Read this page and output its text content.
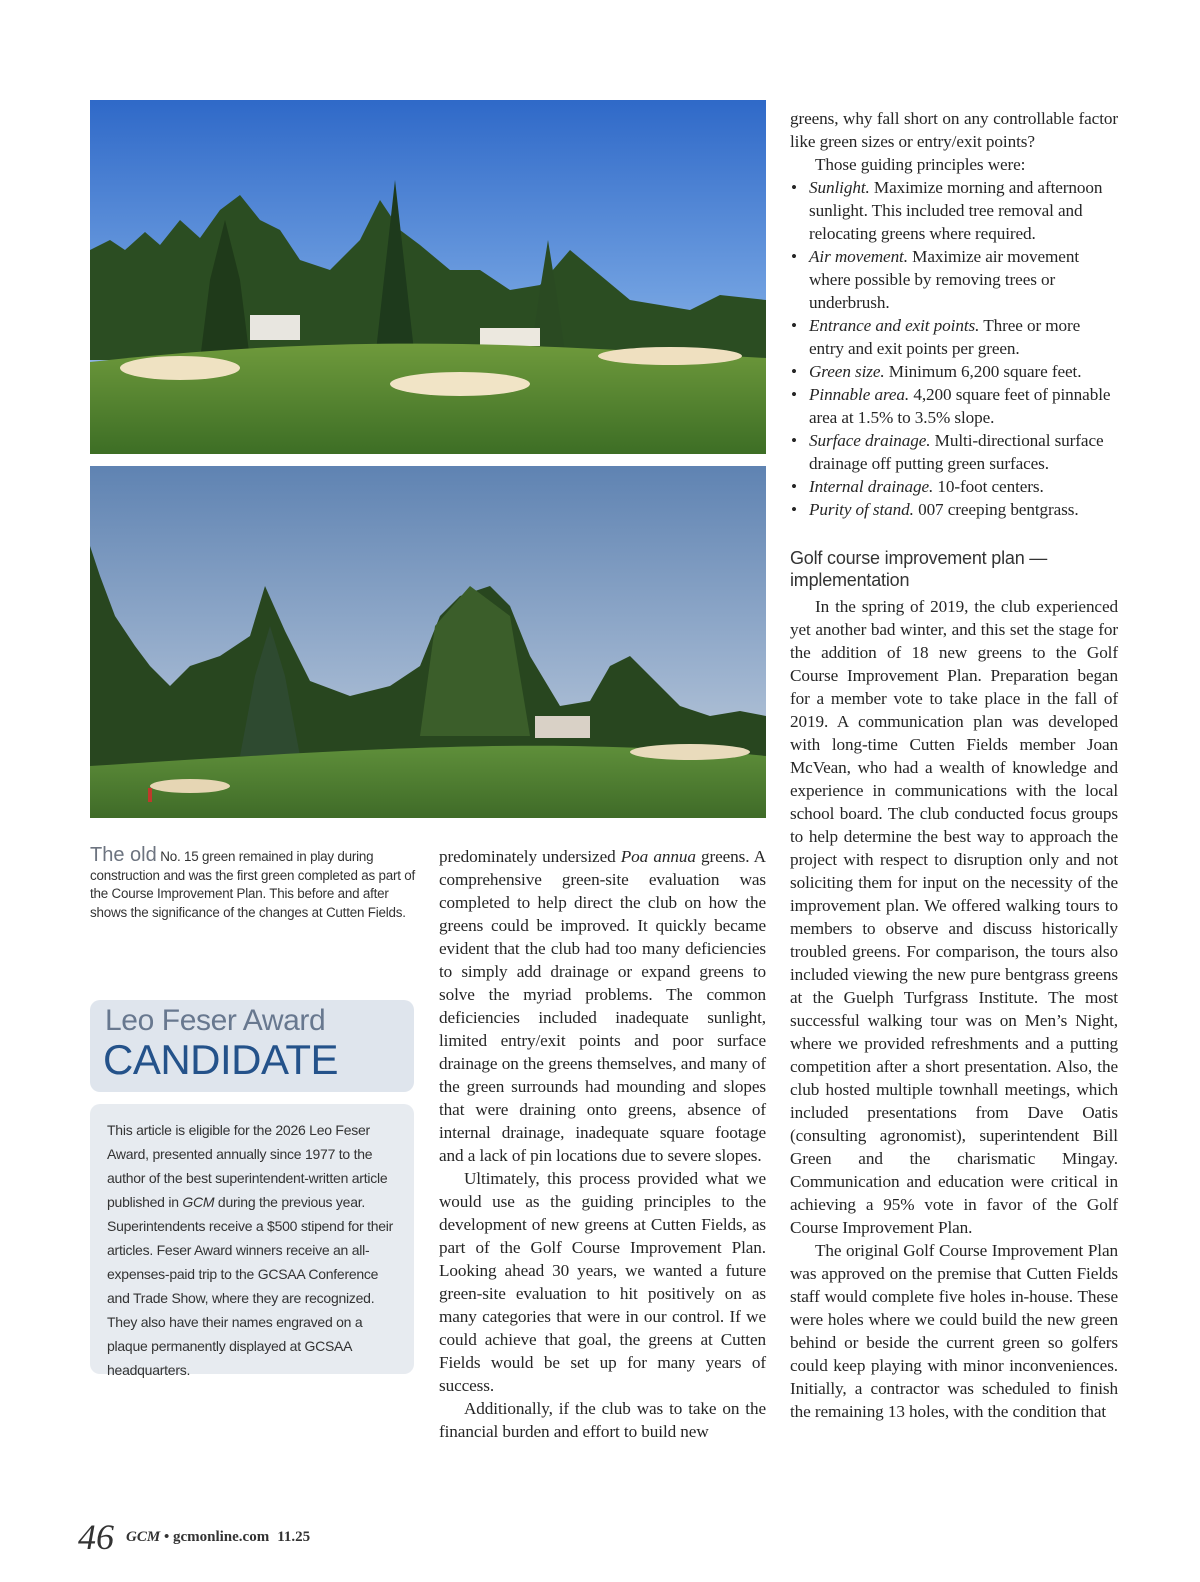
The old No. 15 green remained in play during construction and was the first green completed as part of the Course Improvement Plan. This before and after shows the significance of the changes at Cutten Fields.
Leo Feser Award
CANDIDATE
This article is eligible for the 2026 Leo Feser Award, presented annually since 1977 to the author of the best superintendent-written article published in GCM during the previous year. Superintendents receive a $500 stipend for their articles. Feser Award winners receive an all-expenses-paid trip to the GCSAA Conference and Trade Show, where they are recognized. They also have their names engraved on a plaque permanently displayed at GCSAA headquarters.

predominately undersized Poa annua greens. A comprehensive green-site evaluation was completed to help direct the club on how the greens could be improved. It quickly became evident that the club had too many deficiencies to simply add drainage or expand greens to solve the myriad problems. The common deficiencies included inadequate sunlight, limited entry/exit points and poor surface drainage on the greens themselves, and many of the green surrounds had mounding and slopes that were draining onto greens, absence of internal drainage, inadequate square footage and a lack of pin locations due to severe slopes.

Ultimately, this process provided what we would use as the guiding principles to the development of new greens at Cutten Fields, as part of the Golf Course Improvement Plan. Looking ahead 30 years, we wanted a future green-site evaluation to hit positively on as many categories that were in our control. If we could achieve that goal, the greens at Cutten Fields would be set up for many years of success.

Additionally, if the club was to take on the financial burden and effort to build new

greens, why fall short on any controllable factor like green sizes or entry/exit points?

Those guiding principles were:

• Sunlight. Maximize morning and afternoon sunlight. This included tree removal and relocating greens where required.
• Air movement. Maximize air movement where possible by removing trees or underbrush.
• Entrance and exit points. Three or more entry and exit points per green.
• Green size. Minimum 6,200 square feet.
• Pinnable area. 4,200 square feet of pinnable area at 1.5% to 3.5% slope.
• Surface drainage. Multi-directional surface drainage off putting green surfaces.
• Internal drainage. 10-foot centers.
• Purity of stand. 007 creeping bentgrass.
Golf course improvement plan — implementation

In the spring of 2019, the club experienced yet another bad winter, and this set the stage for the addition of 18 new greens to the Golf Course Improvement Plan. Preparation began for a member vote to take place in the fall of 2019. A communication plan was developed with long-time Cutten Fields member Joan McVean, who had a wealth of knowledge and experience in communications with the local school board. The club conducted focus groups to help determine the best way to approach the project with respect to disruption only and not soliciting them for input on the necessity of the improvement plan. We offered walking tours to members to observe and discuss historically troubled greens. For comparison, the tours also included viewing the new pure bentgrass greens at the Guelph Turfgrass Institute. The most successful walking tour was on Men’s Night, where we provided refreshments and a putting competition after a short presentation. Also, the club hosted multiple townhall meetings, which included presentations from Dave Oatis (consulting agronomist), superintendent Bill Green and the charismatic Mingay. Communication and education were critical in achieving a 95% vote in favor of the Golf Course Improvement Plan.

The original Golf Course Improvement Plan was approved on the premise that Cutten Fields staff would complete five holes in-house. These were holes where we could build the new green behind or beside the current green so golfers could keep playing with minor inconveniences. Initially, a contractor was scheduled to finish the remaining 13 holes, with the condition that

46 GCM • gcmonline.com 11.25
